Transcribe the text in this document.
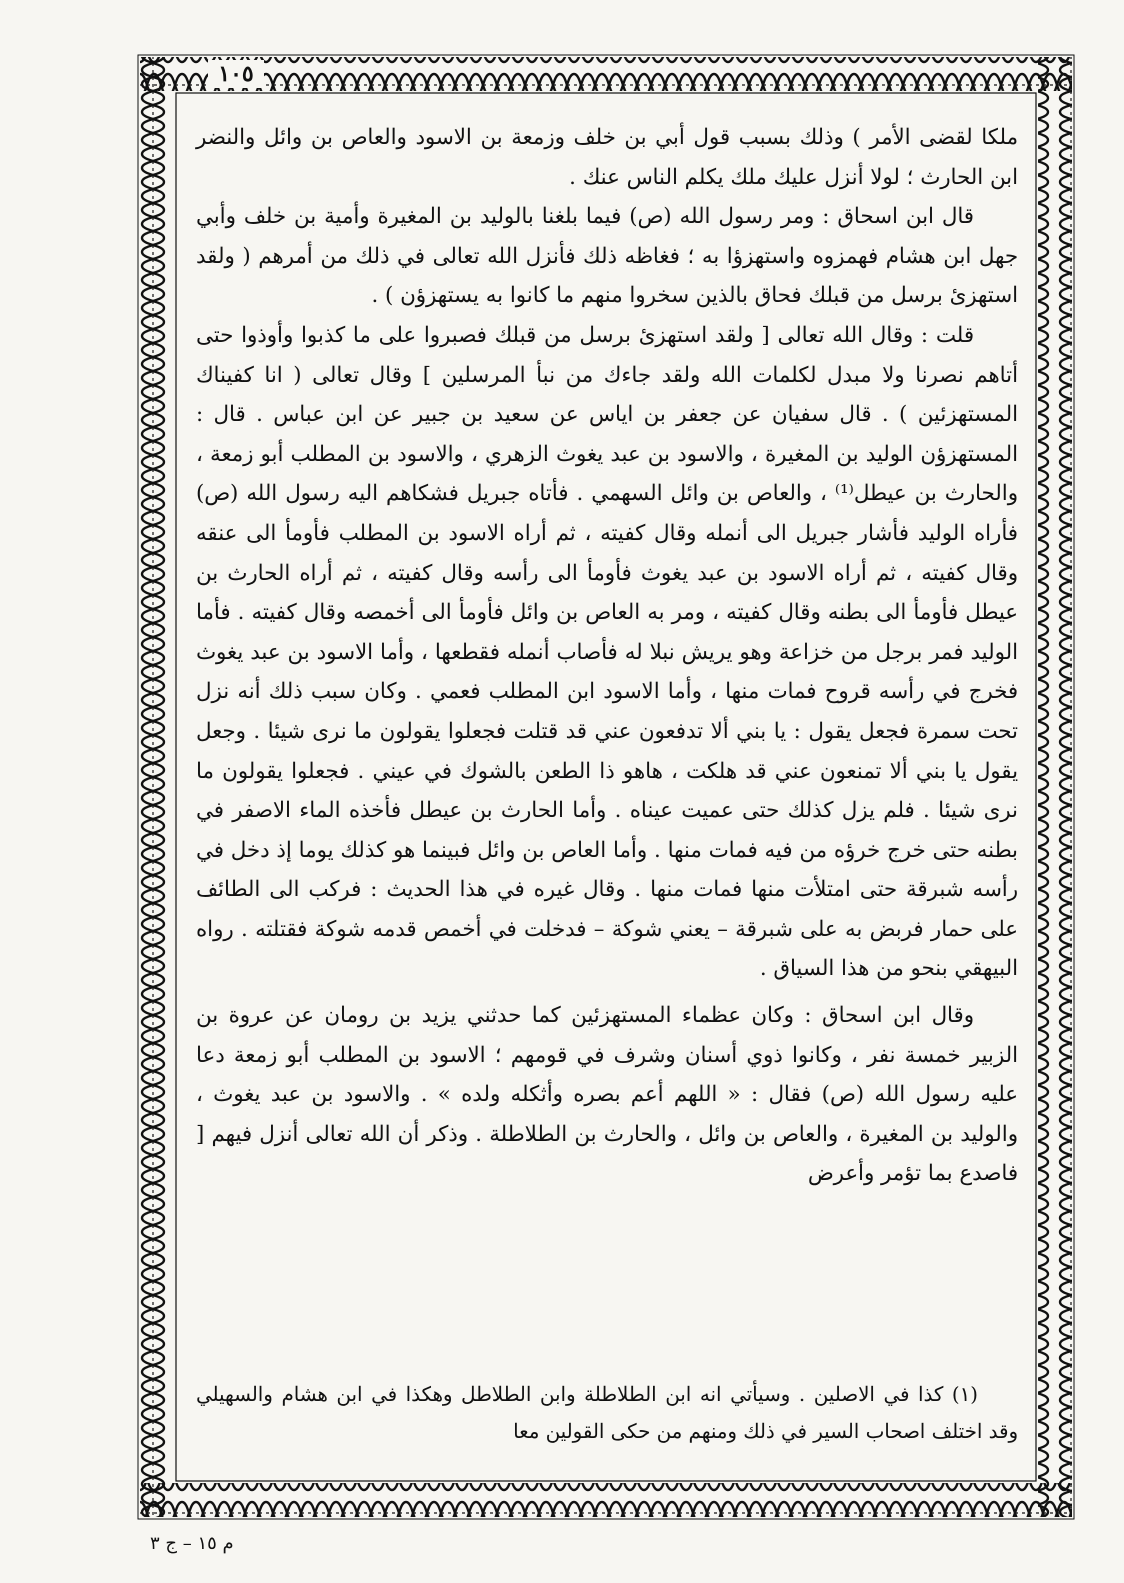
١٠٥

ملكا لقضى الأمر ) وذلك بسبب قول أبي بن خلف وزمعة بن الاسود والعاص بن وائل والنضر ابن الحارث ؛ لولا أنزل عليك ملك يكلم الناس عنك .

قال ابن اسحاق : ومر رسول الله (ص) فيما بلغنا بالوليد بن المغيرة وأمية بن خلف وأبي جهل ابن هشام فهمزوه واستهزؤا به ؛ فغاظه ذلك فأنزل الله تعالى في ذلك من أمرهم ( ولقد استهزئ برسل من قبلك فحاق بالذين سخروا منهم ما كانوا به يستهزؤن ) .

قلت : وقال الله تعالى [ ولقد استهزئ برسل من قبلك فصبروا على ما كذبوا وأوذوا حتى أتاهم نصرنا ولا مبدل لكلمات الله ولقد جاءك من نبأ المرسلين ] وقال تعالى ( انا كفيناك المستهزئين ) . قال سفيان عن جعفر بن اياس عن سعيد بن جبير عن ابن عباس . قال : المستهزؤن الوليد بن المغيرة ، والاسود بن عبد يغوث الزهري ، والاسود بن المطلب أبو زمعة ، والحارث بن عيطل⁽¹⁾ ، والعاص بن وائل السهمي . فأتاه جبريل فشكاهم اليه رسول الله (ص) فأراه الوليد فأشار جبريل الى أنمله وقال كفيته ، ثم أراه الاسود بن المطلب فأومأ الى عنقه وقال كفيته ، ثم أراه الاسود بن عبد يغوث فأومأ الى رأسه وقال كفيته ، ثم أراه الحارث بن عيطل فأومأ الى بطنه وقال كفيته ، ومر به العاص بن وائل فأومأ الى أخمصه وقال كفيته . فأما الوليد فمر برجل من خزاعة وهو يريش نبلا له فأصاب أنمله فقطعها ، وأما الاسود بن عبد يغوث فخرج في رأسه قروح فمات منها ، وأما الاسود ابن المطلب فعمي . وكان سبب ذلك أنه نزل تحت سمرة فجعل يقول : يا بني ألا تدفعون عني قد قتلت فجعلوا يقولون ما نرى شيئا . وجعل يقول يا بني ألا تمنعون عني قد هلكت ، هاهو ذا الطعن بالشوك في عيني . فجعلوا يقولون ما نرى شيئا . فلم يزل كذلك حتى عميت عيناه . وأما الحارث بن عيطل فأخذه الماء الاصفر في بطنه حتى خرج خرؤه من فيه فمات منها . وأما العاص بن وائل فبينما هو كذلك يوما إذ دخل في رأسه شبرقة حتى امتلأت منها فمات منها . وقال غيره في هذا الحديث : فركب الى الطائف على حمار فربض به على شبرقة – يعني شوكة – فدخلت في أخمص قدمه شوكة فقتلته . رواه البيهقي بنحو من هذا السياق .

وقال ابن اسحاق : وكان عظماء المستهزئين كما حدثني يزيد بن رومان عن عروة بن الزبير خمسة نفر ، وكانوا ذوي أسنان وشرف في قومهم ؛ الاسود بن المطلب أبو زمعة دعا عليه رسول الله (ص) فقال : « اللهم أعم بصره وأثكله ولده » . والاسود بن عبد يغوث ، والوليد بن المغيرة ، والعاص بن وائل ، والحارث بن الطلاطلة . وذكر أن الله تعالى أنزل فيهم [ فاصدع بما تؤمر وأعرض

(١) كذا في الاصلين . وسيأتي انه ابن الطلاطلة وابن الطلاطل وهكذا في ابن هشام والسهيلي وقد اختلف اصحاب السير في ذلك ومنهم من حكى القولين معا

م ١٥ – ج ٣
